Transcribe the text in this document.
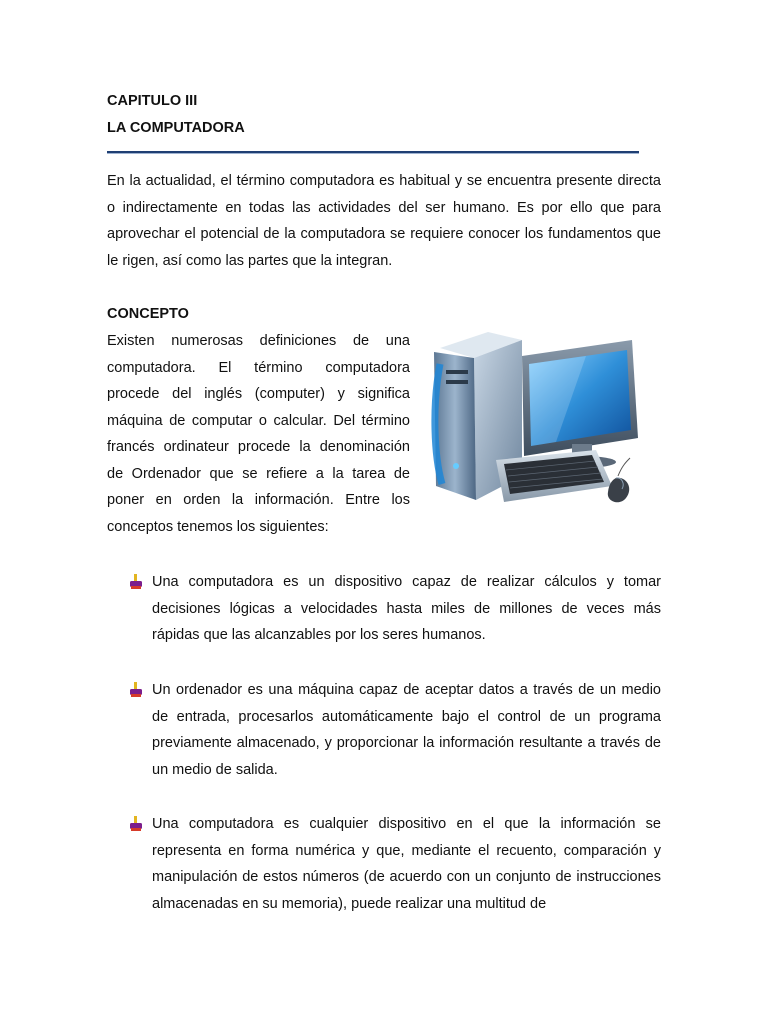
CAPITULO III
LA COMPUTADORA

En la actualidad, el término computadora es habitual y se encuentra presente directa o indirectamente en todas las actividades del ser humano. Es por ello que para aprovechar el potencial de la computadora se requiere conocer los fundamentos que le rigen, así como las partes que la integran.

CONCEPTO

Existen numerosas definiciones de una computadora. El término computadora procede del inglés (computer) y significa máquina de computar o calcular. Del término francés ordinateur procede la denominación de Ordenador que se refiere a la tarea de poner en orden la información. Entre los conceptos tenemos los siguientes:

Una computadora es un dispositivo capaz de realizar cálculos y tomar decisiones lógicas a velocidades hasta miles de millones de veces más rápidas que las alcanzables por los seres humanos.
Un ordenador es una máquina capaz de aceptar datos a través de un medio de entrada, procesarlos automáticamente bajo el control de un programa previamente almacenado, y proporcionar la información resultante a través de un medio de salida.
Una computadora es cualquier dispositivo en el que la información se representa en forma numérica y que, mediante el recuento, comparación y manipulación de estos números (de acuerdo con un conjunto de instrucciones almacenadas en su memoria), puede realizar una multitud de
